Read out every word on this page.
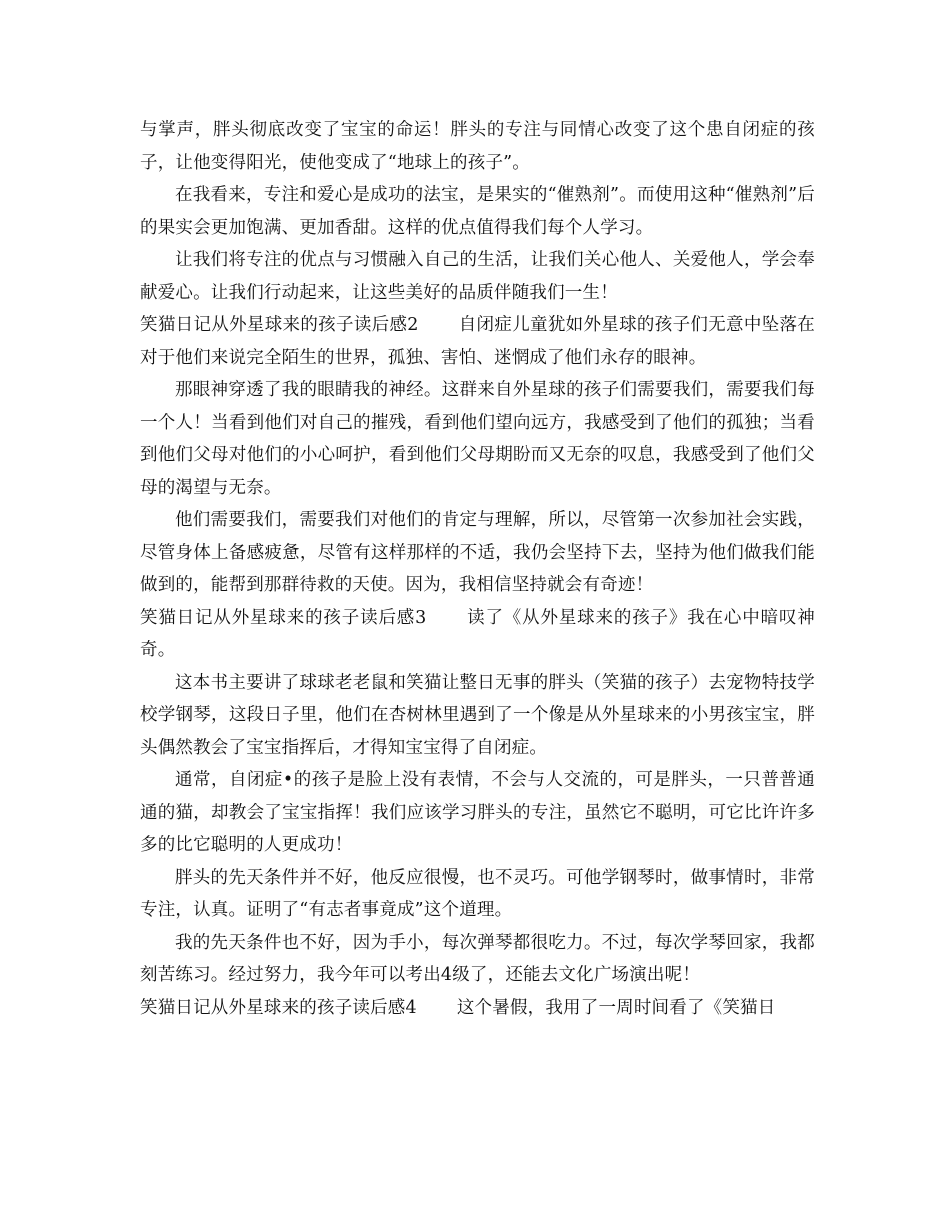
与掌声，胖头彻底改变了宝宝的命运！胖头的专注与同情心改变了这个患自闭症的孩子，让他变得阳光，使他变成了“地球上的孩子”。

在我看来，专注和爱心是成功的法宝，是果实的“催熟剂”。而使用这种“催熟剂”后的果实会更加饱满、更加香甜。这样的优点值得我们每个人学习。

让我们将专注的优点与习惯融入自己的生活，让我们关心他人、关爱他人，学会奉献爱心。让我们行动起来，让这些美好的品质伴随我们一生！

笑猫日记从外星球来的孩子读后感2 自闭症儿童犹如外星球的孩子们无意中坠落在对于他们来说完全陌生的世界，孤独、害怕、迷惘成了他们永存的眼神。

那眼神穿透了我的眼睛我的神经。这群来自外星球的孩子们需要我们，需要我们每一个人！当看到他们对自己的摧残，看到他们望向远方，我感受到了他们的孤独；当看到他们父母对他们的小心呵护，看到他们父母期盼而又无奈的叹息，我感受到了他们父母的渴望与无奈。

他们需要我们，需要我们对他们的肯定与理解，所以，尽管第一次参加社会实践，尽管身体上备感疲惫，尽管有这样那样的不适，我仍会坚持下去，坚持为他们做我们能做到的，能帮到那群待救的天使。因为，我相信坚持就会有奇迹！

笑猫日记从外星球来的孩子读后感3 读了《从外星球来的孩子》我在心中暗叹神奇。

这本书主要讲了球球老老鼠和笑猫让整日无事的胖头（笑猫的孩子）去宠物特技学校学钢琴，这段日子里，他们在杏树林里遇到了一个像是从外星球来的小男孩宝宝，胖头偶然教会了宝宝指挥后，才得知宝宝得了自闭症。

通常，自闭症•的孩子是脸上没有表情，不会与人交流的，可是胖头，一只普普通通的猫，却教会了宝宝指挥！我们应该学习胖头的专注，虽然它不聪明，可它比许许多多的比它聪明的人更成功！

胖头的先天条件并不好，他反应很慢，也不灵巧。可他学钢琴时，做事情时，非常专注，认真。证明了“有志者事竟成”这个道理。

我的先天条件也不好，因为手小，每次弹琴都很吃力。不过，每次学琴回家，我都刻苦练习。经过努力，我今年可以考出4级了，还能去文化广场演出呢！

笑猫日记从外星球来的孩子读后感4 这个暑假，我用了一周时间看了《笑猫日
